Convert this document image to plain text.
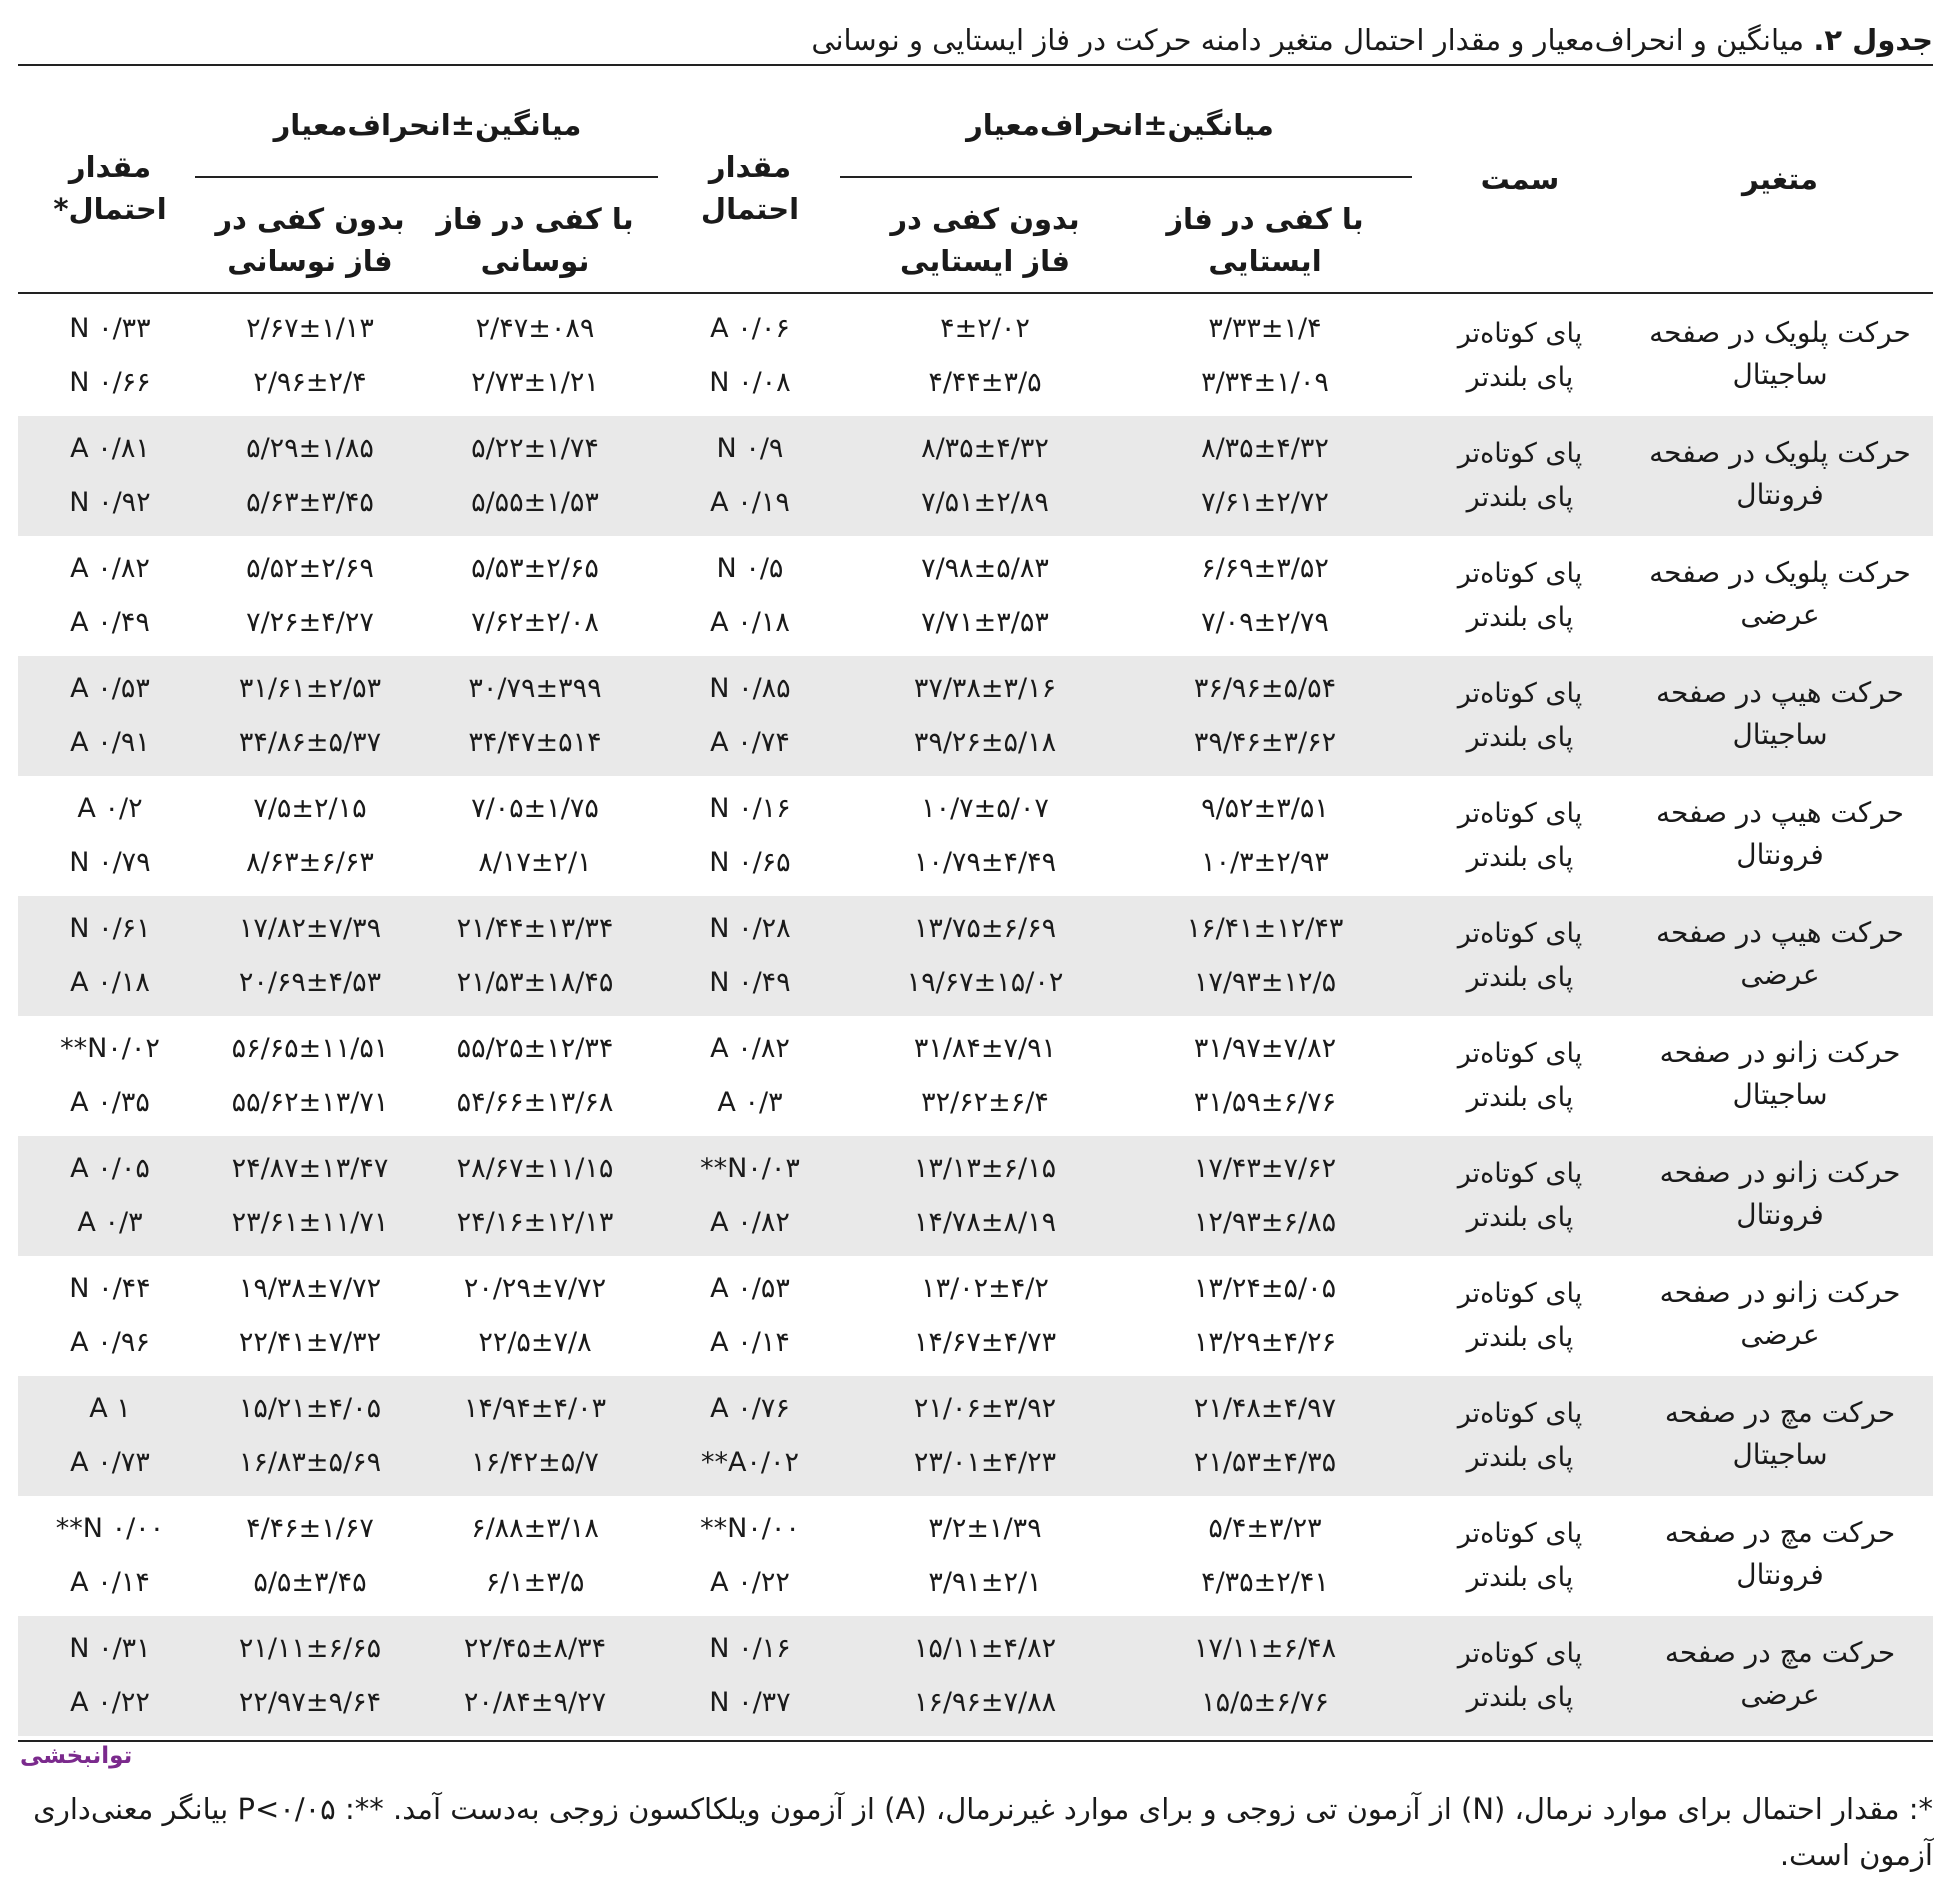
جدول ۲. میانگین و انحراف‌معیار و مقدار احتمال متغیر دامنه حرکت در فاز ایستایی و نوسانی
متغیر
سمت
میانگین±انحراف‌معیار
با کفی در فاز ایستایی
بدون کفی در فاز ایستایی
مقدار احتمال
میانگین±انحراف‌معیار
با کفی در فاز نوسانی
بدون کفی در فاز نوسانی
مقدار احتمال*
حرکت پلویک در صفحه
ساجیتال
پای کوتاه‌تر
پای بلندتر
۳/۳۳±۱/۴
۳/۳۴±۱/۰۹
۴±۲/۰۲
۴/۴۴±۳/۵
A ۰/۰۶
N ۰/۰۸
۲/۴۷±۰۸۹
۲/۷۳±۱/۲۱
۲/۶۷±۱/۱۳
۲/۹۶±۲/۴
N ۰/۳۳
N ۰/۶۶
حرکت پلویک در صفحه
فرونتال
پای کوتاه‌تر
پای بلندتر
۸/۳۵±۴/۳۲
۷/۶۱±۲/۷۲
۸/۳۵±۴/۳۲
۷/۵۱±۲/۸۹
N ۰/۹
A ۰/۱۹
۵/۲۲±۱/۷۴
۵/۵۵±۱/۵۳
۵/۲۹±۱/۸۵
۵/۶۳±۳/۴۵
A ۰/۸۱
N ۰/۹۲
حرکت پلویک در صفحه
عرضی
پای کوتاه‌تر
پای بلندتر
۶/۶۹±۳/۵۲
۷/۰۹±۲/۷۹
۷/۹۸±۵/۸۳
۷/۷۱±۳/۵۳
N ۰/۵
A ۰/۱۸
۵/۵۳±۲/۶۵
۷/۶۲±۲/۰۸
۵/۵۲±۲/۶۹
۷/۲۶±۴/۲۷
A ۰/۸۲
A ۰/۴۹
حرکت هیپ در صفحه
ساجیتال
پای کوتاه‌تر
پای بلندتر
۳۶/۹۶±۵/۵۴
۳۹/۴۶±۳/۶۲
۳۷/۳۸±۳/۱۶
۳۹/۲۶±۵/۱۸
N ۰/۸۵
A ۰/۷۴
۳۰/۷۹±۳۹۹
۳۴/۴۷±۵۱۴
۳۱/۶۱±۲/۵۳
۳۴/۸۶±۵/۳۷
A ۰/۵۳
A ۰/۹۱
حرکت هیپ در صفحه
فرونتال
پای کوتاه‌تر
پای بلندتر
۹/۵۲±۳/۵۱
۱۰/۳±۲/۹۳
۱۰/۷±۵/۰۷
۱۰/۷۹±۴/۴۹
N ۰/۱۶
N ۰/۶۵
۷/۰۵±۱/۷۵
۸/۱۷±۲/۱
۷/۵±۲/۱۵
۸/۶۳±۶/۶۳
A ۰/۲
N ۰/۷۹
حرکت هیپ در صفحه
عرضی
پای کوتاه‌تر
پای بلندتر
۱۶/۴۱±۱۲/۴۳
۱۷/۹۳±۱۲/۵
۱۳/۷۵±۶/۶۹
۱۹/۶۷±۱۵/۰۲
N ۰/۲۸
N ۰/۴۹
۲۱/۴۴±۱۳/۳۴
۲۱/۵۳±۱۸/۴۵
۱۷/۸۲±۷/۳۹
۲۰/۶۹±۴/۵۳
N ۰/۶۱
A ۰/۱۸
حرکت زانو در صفحه
ساجیتال
پای کوتاه‌تر
پای بلندتر
۳۱/۹۷±۷/۸۲
۳۱/۵۹±۶/۷۶
۳۱/۸۴±۷/۹۱
۳۲/۶۲±۶/۴
A ۰/۸۲
A ۰/۳
۵۵/۲۵±۱۲/۳۴
۵۴/۶۶±۱۳/۶۸
۵۶/۶۵±۱۱/۵۱
۵۵/۶۲±۱۳/۷۱
N۰/۰۲**
A ۰/۳۵
حرکت زانو در صفحه
فرونتال
پای کوتاه‌تر
پای بلندتر
۱۷/۴۳±۷/۶۲
۱۲/۹۳±۶/۸۵
۱۳/۱۳±۶/۱۵
۱۴/۷۸±۸/۱۹
N۰/۰۳**
A ۰/۸۲
۲۸/۶۷±۱۱/۱۵
۲۴/۱۶±۱۲/۱۳
۲۴/۸۷±۱۳/۴۷
۲۳/۶۱±۱۱/۷۱
A ۰/۰۵
A ۰/۳
حرکت زانو در صفحه
عرضی
پای کوتاه‌تر
پای بلندتر
۱۳/۲۴±۵/۰۵
۱۳/۲۹±۴/۲۶
۱۳/۰۲±۴/۲
۱۴/۶۷±۴/۷۳
A ۰/۵۳
A ۰/۱۴
۲۰/۲۹±۷/۷۲
۲۲/۵±۷/۸
۱۹/۳۸±۷/۷۲
۲۲/۴۱±۷/۳۲
N ۰/۴۴
A ۰/۹۶
حرکت مچ در صفحه
ساجیتال
پای کوتاه‌تر
پای بلندتر
۲۱/۴۸±۴/۹۷
۲۱/۵۳±۴/۳۵
۲۱/۰۶±۳/۹۲
۲۳/۰۱±۴/۲۳
A ۰/۷۶
A۰/۰۲**
۱۴/۹۴±۴/۰۳
۱۶/۴۲±۵/۷
۱۵/۲۱±۴/۰۵
۱۶/۸۳±۵/۶۹
A ۱
A ۰/۷۳
حرکت مچ در صفحه
فرونتال
پای کوتاه‌تر
پای بلندتر
۵/۴±۳/۲۳
۴/۳۵±۲/۴۱
۳/۲±۱/۳۹
۳/۹۱±۲/۱
N۰/۰۰**
A ۰/۲۲
۶/۸۸±۳/۱۸
۶/۱±۳/۵
۴/۴۶±۱/۶۷
۵/۵±۳/۴۵
N ۰/۰۰**
A ۰/۱۴
حرکت مچ در صفحه
عرضی
پای کوتاه‌تر
پای بلندتر
۱۷/۱۱±۶/۴۸
۱۵/۵±۶/۷۶
۱۵/۱۱±۴/۸۲
۱۶/۹۶±۷/۸۸
N ۰/۱۶
N ۰/۳۷
۲۲/۴۵±۸/۳۴
۲۰/۸۴±۹/۲۷
۲۱/۱۱±۶/۶۵
۲۲/۹۷±۹/۶۴
N ۰/۳۱
A ۰/۲۲
توانبخشی
*: مقدار احتمال برای موارد نرمال، (N) از آزمون تی زوجی و برای موارد غیرنرمال، (A) از آزمون ویلکاکسون زوجی به‌دست آمد. **: P<۰/۰۵ بیانگر معنی‌داری آزمون است.
